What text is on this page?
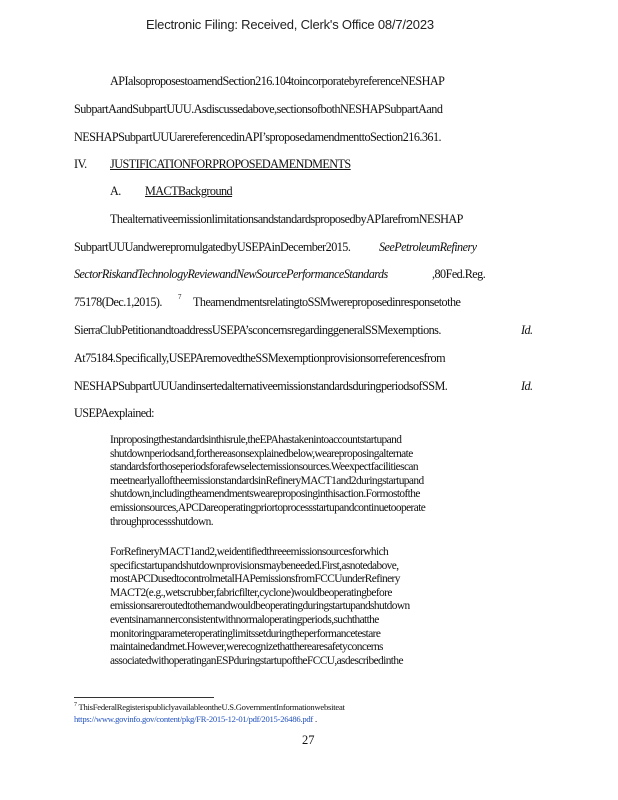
Electronic Filing: Received, Clerk's Office 08/7/2023
APIalsoproposestoamendSection216.104toincorporatebyreferenceNESHAP
SubpartAandSubpartUUU.Asdiscussedabove,sectionsofbothNESHAPSubpartAand
NESHAPSubpartUUUarereferencedinAPI’sproposedamendmenttoSection216.361.
IV. JUSTIFICATIONFORPROPOSEDAMENDMENTS
A. MACTBackground
ThealternativeemissionlimitationsandstandardsproposedbyAPIarefromNESHAP
SubpartUUUandwerepromulgatedbyUSEPAinDecember2015. SeePetroleumRefinery
SectorRiskandTechnologyReviewandNewSourcePerformanceStandards	,80Fed.Reg.
75178(Dec.1,2015). 7 TheamendmentsrelatingtoSSMwereproposedinresponsetothe
SierraClubPetitionandtoaddressUSEPA’sconcernsregardinggeneralSSMexemptions.	Id.
At75184.Specifically,USEPAremovedtheSSMexemptionprovisionsorreferencesfrom
NESHAPSubpartUUUandinsertedalternativeemissionstandardsduringperiodsofSSM.	Id.
USEPAexplained:
Inproposingthestandardsinthisrule,theEPAhastakenintoaccountstartupand
shutdownperiodsand,forthereasonsexplainedbelow,weareproposingalternate
standardsforthoseperiodsforafewselectemissionsources.Weexpectfacilitiescan
meetnearlyalloftheemissionstandardsinRefineryMACT1and2duringstartupand
shutdown,includingtheamendmentsweareproposinginthisaction.Formostofthe
emissionsources,APCDareoperatingpriortoprocessstartupandcontinuetooperate
throughprocessshutdown.
ForRefineryMACT1and2,weidentifiedthreeemissionsourcesforwhich
specificstartupandshutdownprovisionsmaybeneeded.First,asnotedabove,
mostAPCDusedtocontrolmetalHAPemissionsfromFCCUunderRefinery
MACT2(e.g.,wetscrubber,fabricfilter,cyclone)wouldbeoperatingbefore
emissionsareroutedtothemandwouldbeoperatingduringstartupandshutdown
eventsinamannerconsistentwithnormaloperatingperiods,suchthatthe
monitoringparameteroperatinglimitssetduringtheperformancetestare
maintainedandmet.However,werecognizethattherearesafetyconcerns
associatedwithoperatinganESPduringstartupoftheFCCU,asdescribedinthe
$^7$ ThisFederalRegisterispubliclyavailableontheU.S.GovernmentInformationwebsiteat
https://www.govinfo.gov/content/pkg/FR-2015-12-01/pdf/2015-26486.pdf .
27
